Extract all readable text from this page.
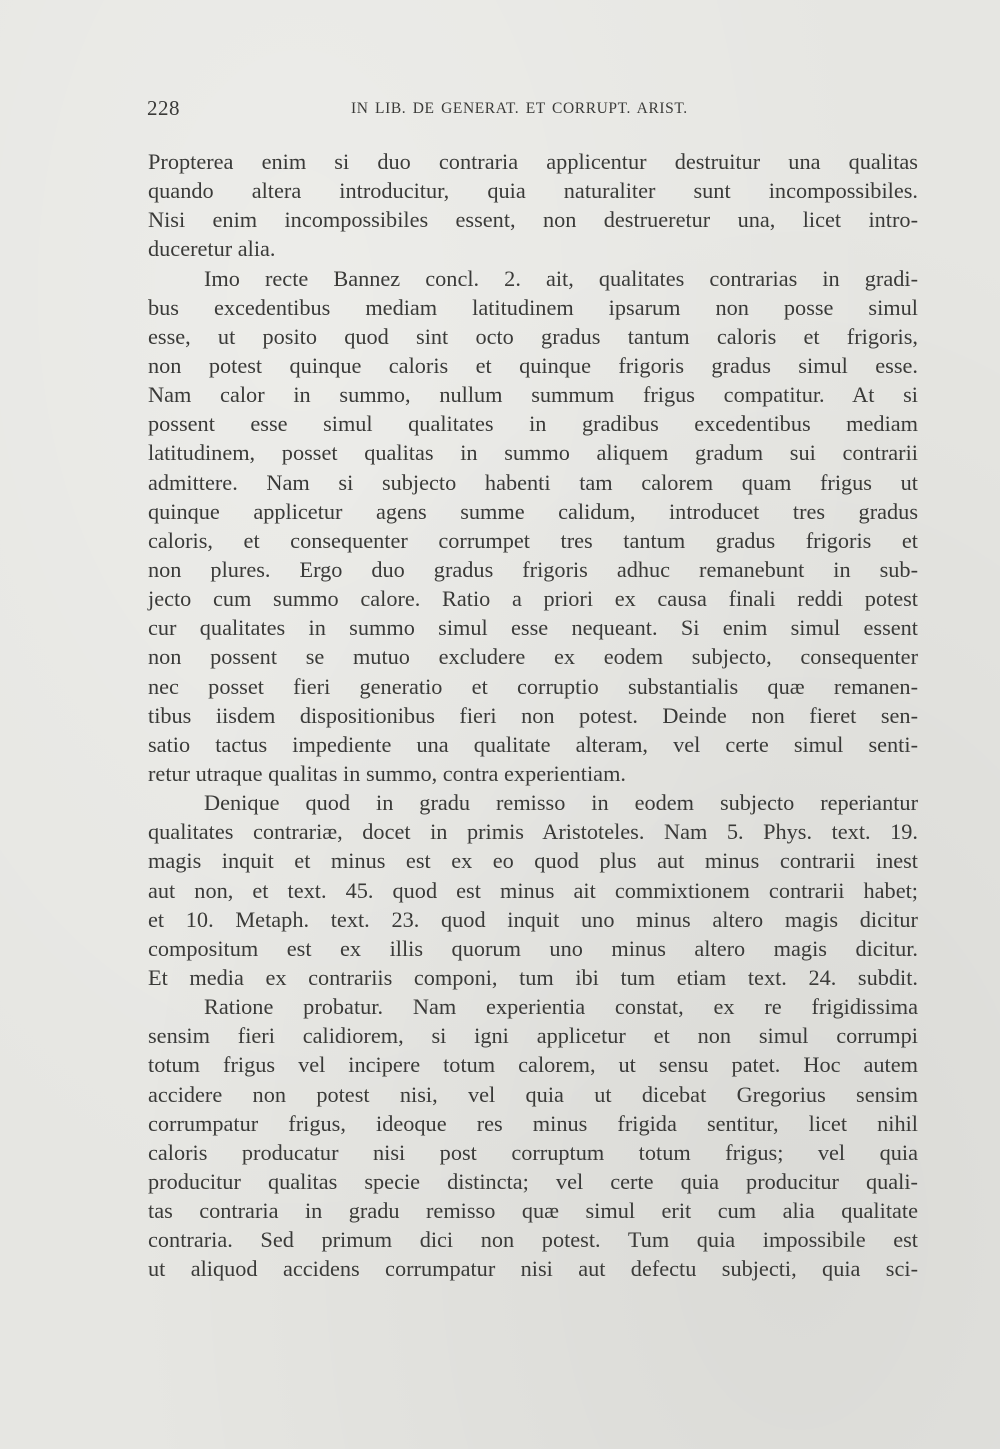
228	IN LIB. DE GENERAT. ET CORRUPT. ARIST.
Propterea enim si duo contraria applicentur destruitur una qualitas
quando altera introducitur, quia naturaliter sunt incompossibiles.
Nisi enim incompossibiles essent, non destrueretur una, licet intro-
duceretur alia.
Imo recte Bannez concl. 2. ait, qualitates contrarias in gradi-
bus excedentibus mediam latitudinem ipsarum non posse simul
esse, ut posito quod sint octo gradus tantum caloris et frigoris,
non potest quinque caloris et quinque frigoris gradus simul esse.
Nam calor in summo, nullum summum frigus compatitur. At si
possent esse simul qualitates in gradibus excedentibus mediam
latitudinem, posset qualitas in summo aliquem gradum sui contrarii
admittere. Nam si subjecto habenti tam calorem quam frigus ut
quinque applicetur agens summe calidum, introducet tres gradus
caloris, et consequenter corrumpet tres tantum gradus frigoris et
non plures. Ergo duo gradus frigoris adhuc remanebunt in sub-
jecto cum summo calore. Ratio a priori ex causa finali reddi potest
cur qualitates in summo simul esse nequeant. Si enim simul essent
non possent se mutuo excludere ex eodem subjecto, consequenter
nec posset fieri generatio et corruptio substantialis quæ remanen-
tibus iisdem dispositionibus fieri non potest. Deinde non fieret sen-
satio tactus impediente una qualitate alteram, vel certe simul senti-
retur utraque qualitas in summo, contra experientiam.
Denique quod in gradu remisso in eodem subjecto reperiantur
qualitates contrariæ, docet in primis Aristoteles. Nam 5. Phys. text. 19.
magis inquit et minus est ex eo quod plus aut minus contrarii inest
aut non, et text. 45. quod est minus ait commixtionem contrarii habet;
et 10. Metaph. text. 23. quod inquit uno minus altero magis dicitur
compositum est ex illis quorum uno minus altero magis dicitur.
Et media ex contrariis componi, tum ibi tum etiam text. 24. subdit.
Ratione probatur. Nam experientia constat, ex re frigidissima
sensim fieri calidiorem, si igni applicetur et non simul corrumpi
totum frigus vel incipere totum calorem, ut sensu patet. Hoc autem
accidere non potest nisi, vel quia ut dicebat Gregorius sensim
corrumpatur frigus, ideoque res minus frigida sentitur, licet nihil
caloris producatur nisi post corruptum totum frigus; vel quia
producitur qualitas specie distincta; vel certe quia producitur quali-
tas contraria in gradu remisso quæ simul erit cum alia qualitate
contraria. Sed primum dici non potest. Tum quia impossibile est
ut aliquod accidens corrumpatur nisi aut defectu subjecti, quia sci-
